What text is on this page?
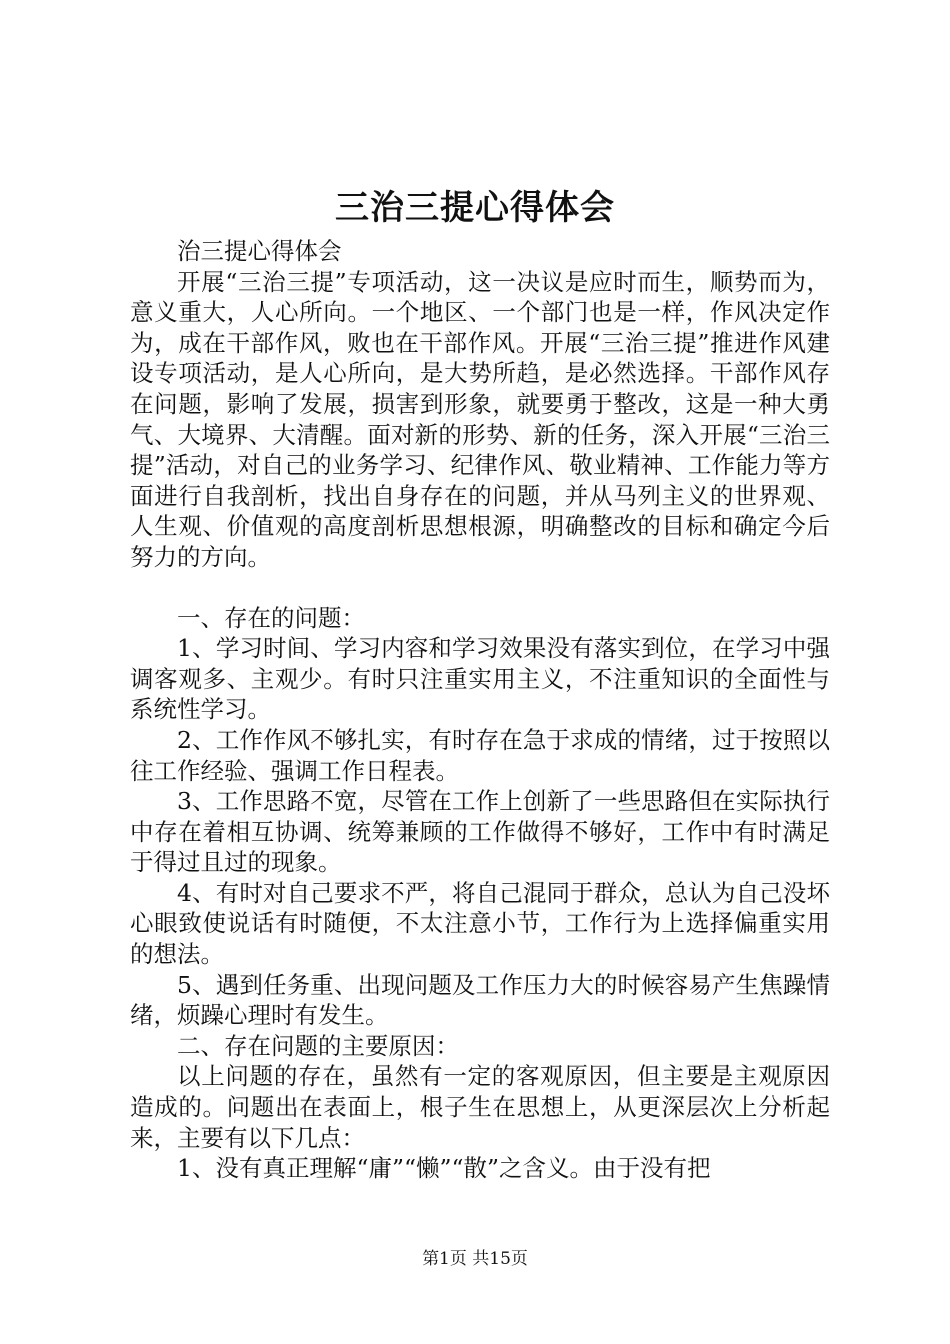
三治三提心得体会

治三提心得体会

开展“三治三提”专项活动，这一决议是应时而生，顺势而为，意义重大，人心所向。一个地区、一个部门也是一样，作风决定作为，成在干部作风，败也在干部作风。开展“三治三提”推进作风建设专项活动，是人心所向，是大势所趋，是必然选择。干部作风存在问题，影响了发展，损害到形象，就要勇于整改，这是一种大勇气、大境界、大清醒。面对新的形势、新的任务，深入开展“三治三提”活动，对自己的业务学习、纪律作风、敬业精神、工作能力等方面进行自我剖析，找出自身存在的问题，并从马列主义的世界观、人生观、价值观的高度剖析思想根源，明确整改的目标和确定今后努力的方向。

一、存在的问题：

1、学习时间、学习内容和学习效果没有落实到位，在学习中强调客观多、主观少。有时只注重实用主义，不注重知识的全面性与系统性学习。

2、工作作风不够扎实，有时存在急于求成的情绪，过于按照以往工作经验、强调工作日程表。

3、工作思路不宽，尽管在工作上创新了一些思路但在实际执行中存在着相互协调、统筹兼顾的工作做得不够好，工作中有时满足于得过且过的现象。

4、有时对自己要求不严，将自己混同于群众，总认为自己没坏心眼致使说话有时随便，不太注意小节，工作行为上选择偏重实用的想法。

5、遇到任务重、出现问题及工作压力大的时候容易产生焦躁情绪，烦躁心理时有发生。

二、存在问题的主要原因：

以上问题的存在，虽然有一定的客观原因，但主要是主观原因造成的。问题出在表面上，根子生在思想上，从更深层次上分析起来，主要有以下几点：

1、没有真正理解“庸”“懒”“散”之含义。由于没有把

第1页 共15页
